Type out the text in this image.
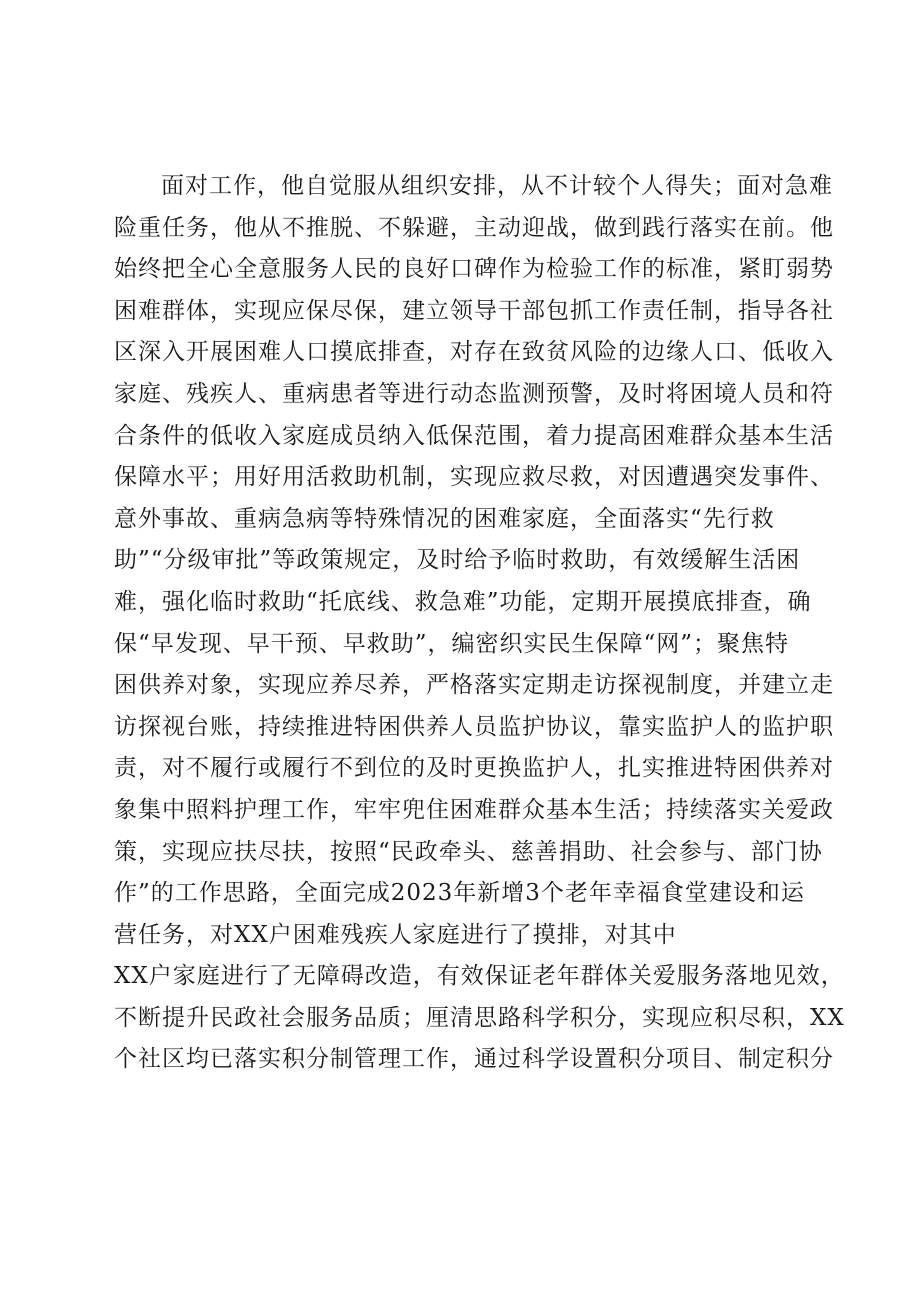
面对工作，他自觉服从组织安排，从不计较个人得失；面对急难
险重任务，他从不推脱、不躲避，主动迎战，做到践行落实在前。他
始终把全心全意服务人民的良好口碑作为检验工作的标准，紧盯弱势
困难群体，实现应保尽保，建立领导干部包抓工作责任制，指导各社
区深入开展困难人口摸底排查，对存在致贫风险的边缘人口、低收入
家庭、残疾人、重病患者等进行动态监测预警，及时将困境人员和符
合条件的低收入家庭成员纳入低保范围，着力提高困难群众基本生活
保障水平；用好用活救助机制，实现应救尽救，对因遭遇突发事件、
意外事故、重病急病等特殊情况的困难家庭，全面落实“先行救
助”“分级审批”等政策规定，及时给予临时救助，有效缓解生活困
难，强化临时救助“托底线、救急难”功能，定期开展摸底排查，确
保“早发现、早干预、早救助”，编密织实民生保障“网”；聚焦特
困供养对象，实现应养尽养，严格落实定期走访探视制度，并建立走
访探视台账，持续推进特困供养人员监护协议，靠实监护人的监护职
责，对不履行或履行不到位的及时更换监护人，扎实推进特困供养对
象集中照料护理工作，牢牢兜住困难群众基本生活；持续落实关爱政
策，实现应扶尽扶，按照“民政牵头、慈善捐助、社会参与、部门协
作”的工作思路，全面完成2023年新增3个老年幸福食堂建设和运
营任务，对XX户困难残疾人家庭进行了摸排，对其中
XX户家庭进行了无障碍改造，有效保证老年群体关爱服务落地见效，
不断提升民政社会服务品质；厘清思路科学积分，实现应积尽积，XX
个社区均已落实积分制管理工作，通过科学设置积分项目、制定积分
